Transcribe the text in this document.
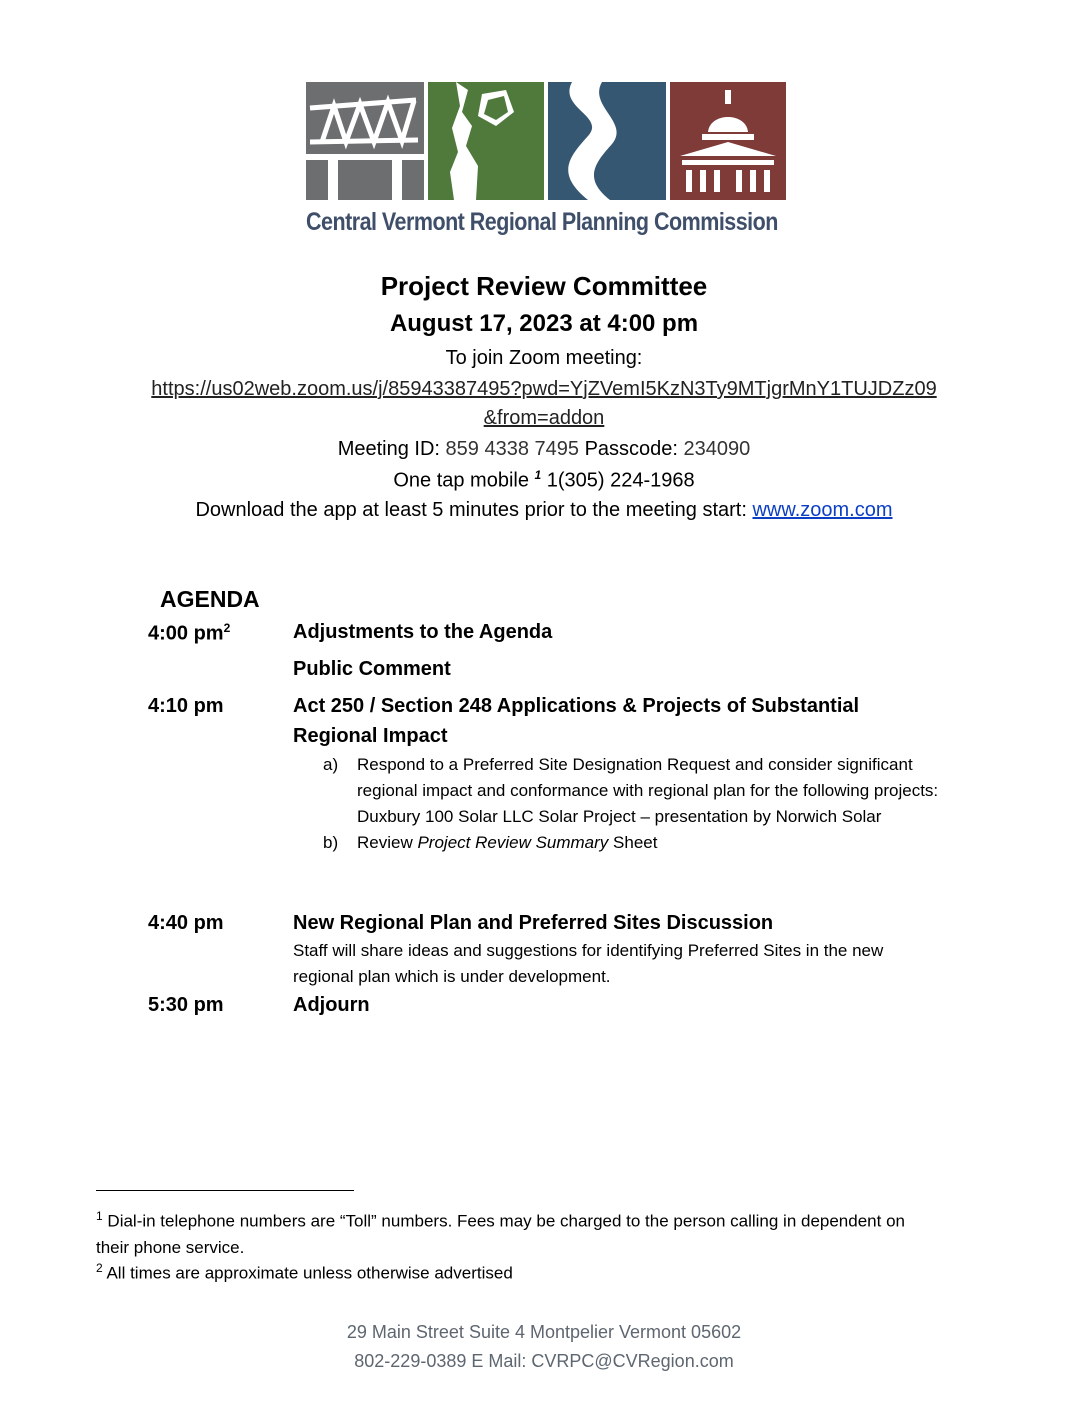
Central Vermont Regional Planning Commission
Project Review Committee
August 17, 2023 at 4:00 pm
To join Zoom meeting:
https://us02web.zoom.us/j/85943387495?pwd=YjZVemI5KzN3Ty9MTjgrMnY1TUJDZz09
&from=addon
Meeting ID: 859 4338 7495 Passcode: 234090
One tap mobile $^1$ 1(305) 224-1968
Download the app at least 5 minutes prior to the meeting start: www.zoom.com
AGENDA
4:00 $pm^2$	Adjustments to the Agenda
Public Comment
4:10 pm	Act 250 / Section 248 Applications & Projects of Substantial
Regional Impact
a) Respond to a Preferred Site Designation Request and consider significant regional impact and conformance with regional plan for the following projects:
Duxbury 100 Solar LLC Solar Project – presentation by Norwich Solar
b) Review Project Review Summary Sheet
4:40 pm	New Regional Plan and Preferred Sites Discussion
Staff will share ideas and suggestions for identifying Preferred Sites in the new regional plan which is under development.
5:30 pm	Adjourn
$^1$ Dial-in telephone numbers are “Toll” numbers. Fees may be charged to the person calling in dependent on their phone service.
$^2$ All times are approximate unless otherwise advertised
29 Main Street Suite 4 Montpelier Vermont 05602
802-229-0389 E Mail: CVRPC@CVRegion.com
